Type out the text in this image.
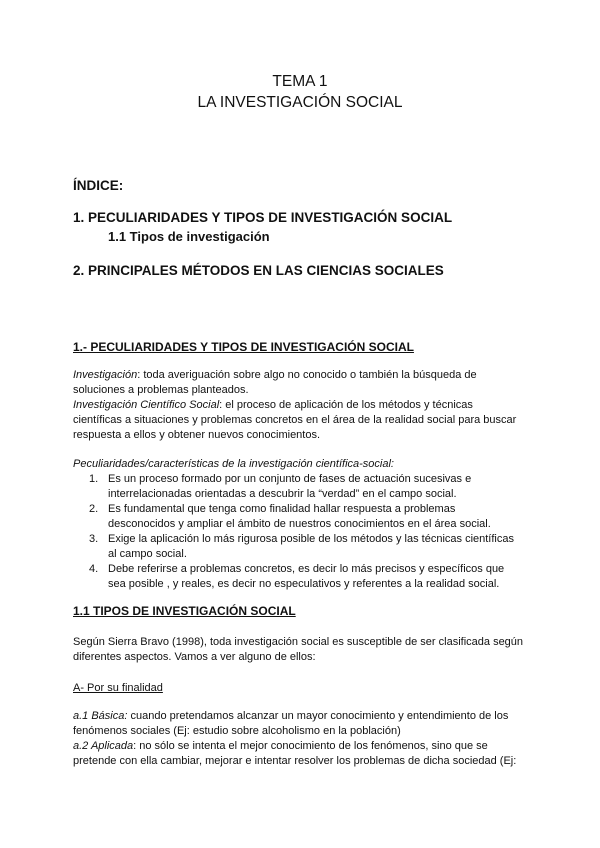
TEMA 1
LA INVESTIGACIÓN SOCIAL
ÍNDICE:
1. PECULIARIDADES Y TIPOS DE INVESTIGACIÓN SOCIAL
1.1 Tipos de investigación
2. PRINCIPALES MÉTODOS EN LAS CIENCIAS SOCIALES
1.- PECULIARIDADES Y TIPOS DE INVESTIGACIÓN SOCIAL
Investigación: toda averiguación sobre algo no conocido o también la búsqueda de
soluciones a problemas planteados.
Investigación Científico Social: el proceso de aplicación de los métodos y técnicas
científicas a situaciones y problemas concretos en el área de la realidad social para buscar
respuesta a ellos y obtener nuevos conocimientos.
Peculiaridades/características de la investigación científica-social:
1. Es un proceso formado por un conjunto de fases de actuación sucesivas e
interrelacionadas orientadas a descubrir la “verdad” en el campo social.
2. Es fundamental que tenga como finalidad hallar respuesta a problemas
desconocidos y ampliar el ámbito de nuestros conocimientos en el área social.
3. Exige la aplicación lo más rigurosa posible de los métodos y las técnicas científicas
al campo social.
4. Debe referirse a problemas concretos, es decir lo más precisos y específicos que
sea posible , y reales, es decir no especulativos y referentes a la realidad social.
1.1 TIPOS DE INVESTIGACIÓN SOCIAL
Según Sierra Bravo (1998), toda investigación social es susceptible de ser clasificada según
diferentes aspectos. Vamos a ver alguno de ellos:
A- Por su finalidad
a.1 Básica: cuando pretendamos alcanzar un mayor conocimiento y entendimiento de los
fenómenos sociales (Ej: estudio sobre alcoholismo en la población)
a.2 Aplicada: no sólo se intenta el mejor conocimiento de los fenómenos, sino que se
pretende con ella cambiar, mejorar e intentar resolver los problemas de dicha sociedad (Ej:
